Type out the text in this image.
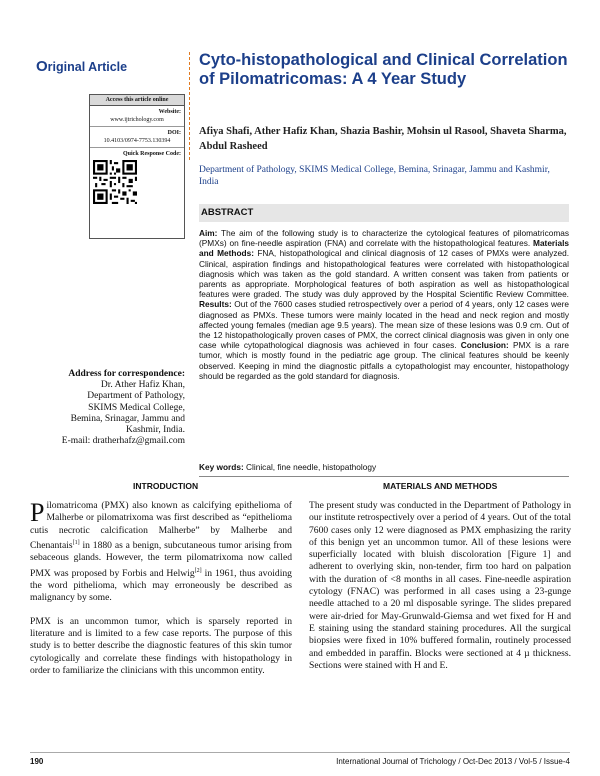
Original Article	Cyto-histopathological and Clinical Correlation of Pilomatricomas: A 4 Year Study
Afiya Shafi, Ather Hafiz Khan, Shazia Bashir, Mohsin ul Rasool, Shaveta Sharma, Abdul Rasheed
Department of Pathology, SKIMS Medical College, Bemina, Srinagar, Jammu and Kashmir, India
Access this article online
Website:
www.ijtrichology.com
DOI:
10.4103/0974-7753.130394
Quick Response Code:
ABSTRACT
Aim: The aim of the following study is to characterize the cytological features of pilomatricomas (PMXs) on fine-needle aspiration (FNA) and correlate with the histopathological features. Materials and Methods: FNA, histopathological and clinical diagnosis of 12 cases of PMXs were analyzed. Clinical, aspiration findings and histopathological features were correlated with histopathological diagnosis which was taken as the gold standard. A written consent was taken from patients or parents as appropriate. Morphological features of both aspiration as well as histopathological features were graded. The study was duly approved by the Hospital Scientific Review Committee. Results: Out of the 7600 cases studied retrospectively over a period of 4 years, only 12 cases were diagnosed as PMXs. These tumors were mainly located in the head and neck region and mostly affected young females (median age 9.5 years). The mean size of these lesions was 0.9 cm. Out of the 12 histopathologically proven cases of PMX, the correct clinical diagnosis was given in only one case while cytopathological diagnosis was achieved in four cases. Conclusion: PMX is a rare tumor, which is mostly found in the pediatric age group. The clinical features should be keenly observed. Keeping in mind the diagnostic pitfalls a cytopathologist may encounter, histopathology should be regarded as the gold standard for diagnosis.
Key words: Clinical, fine needle, histopathology
Address for correspondence:
Dr. Ather Hafiz Khan,
Department of Pathology,
SKIMS Medical College,
Bemina, Srinagar, Jammu and
Kashmir, India.
E-mail: dratherhafz@gmail.com
INTRODUCTION	MATERIALS AND METHODS
Pilomatricoma (PMX) also known as calcifying epithelioma of Malherbe or pilomatrixoma was first described as “epithelioma cutis necrotic calcification Malherbe” by Malherbe and Chenantais[1] in 1880 as a benign, subcutaneous tumor arising from sebaceous glands. However, the term pilomatrixoma now called PMX was proposed by Forbis and Helwig[2] in 1961, thus avoiding the word pithelioma, which may erroneously be described as malignancy by some.
PMX is an uncommon tumor, which is sparsely reported in literature and is limited to a few case reports. The purpose of this study is to better describe the diagnostic features of this skin tumor cytologically and correlate these findings with histopathology in order to familiarize the clinicians with this uncommon entity.
The present study was conducted in the Department of Pathology in our institute retrospectively over a period of 4 years. Out of the total 7600 cases only 12 were diagnosed as PMX emphasizing the rarity of this benign yet an uncommon tumor. All of these lesions were superficially located with bluish discoloration [Figure 1] and adherent to overlying skin, non-tender, firm too hard on palpation with the duration of <8 months in all cases. Fine-needle aspiration cytology (FNAC) was performed in all cases using a 23-gunge needle attached to a 20 ml disposable syringe. The slides prepared were air-dried for May-Grunwald-Giemsa and wet fixed for H and E staining using the standard staining procedures. All the surgical biopsies were fixed in 10% buffered formalin, routinely processed and embedded in paraffin. Blocks were sectioned at 4 µ thickness. Sections were stained with H and E.
190	International Journal of Trichology / Oct-Dec 2013 / Vol-5 / Issue-4
